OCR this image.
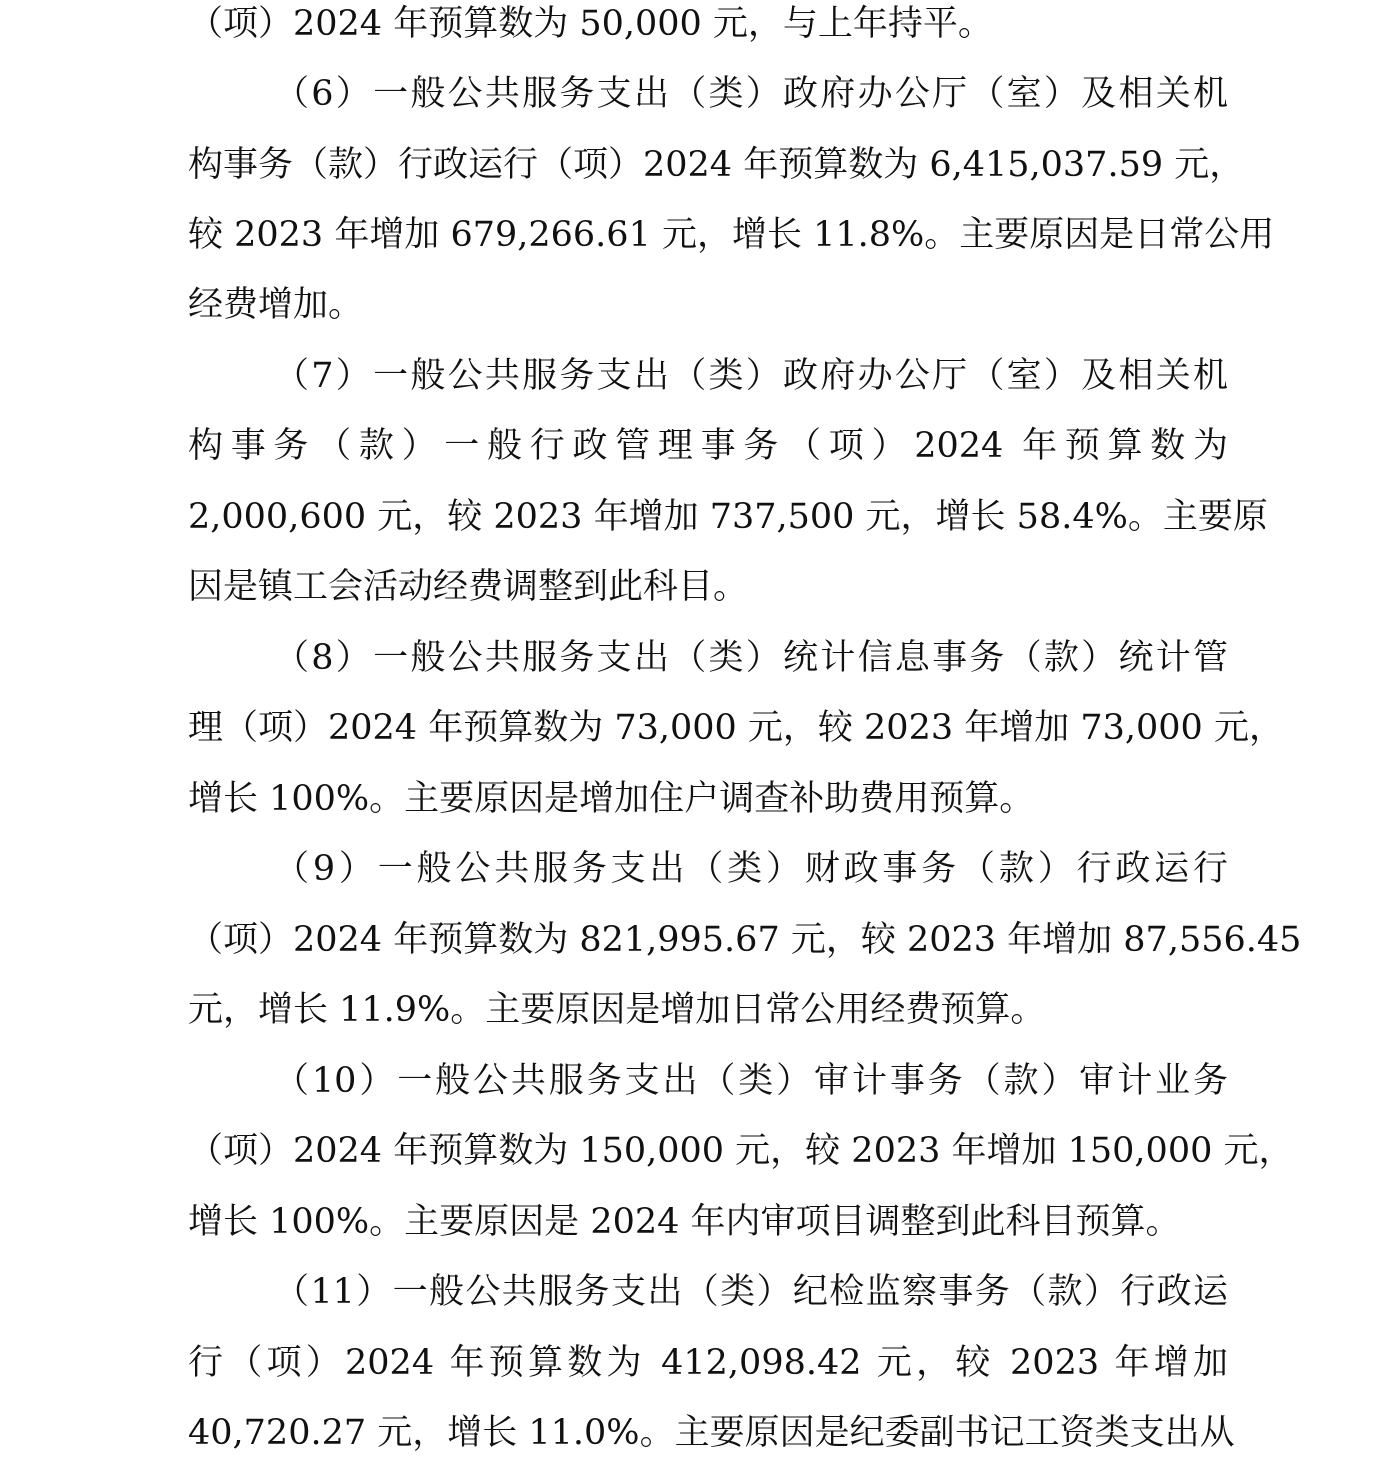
（项）2024 年预算数为 50,000 元，与上年持平。
（6）一般公共服务支出（类）政府办公厅（室）及相关机
构事务（款）行政运行（项）2024 年预算数为 6,415,037.59 元，
较 2023 年增加 679,266.61 元，增长 11.8%。主要原因是日常公用
经费增加。
（7）一般公共服务支出（类）政府办公厅（室）及相关机
构事务（款）一般行政管理事务（项）2024 年预算数为
2,000,600 元，较 2023 年增加 737,500 元，增长 58.4%。主要原
因是镇工会活动经费调整到此科目。
（8）一般公共服务支出（类）统计信息事务（款）统计管
理（项）2024 年预算数为 73,000 元，较 2023 年增加 73,000 元，
增长 100%。主要原因是增加住户调查补助费用预算。
（9）一般公共服务支出（类）财政事务（款）行政运行
（项）2024 年预算数为 821,995.67 元，较 2023 年增加 87,556.45
元，增长 11.9%。主要原因是增加日常公用经费预算。
（10）一般公共服务支出（类）审计事务（款）审计业务
（项）2024 年预算数为 150,000 元，较 2023 年增加 150,000 元，
增长 100%。主要原因是 2024 年内审项目调整到此科目预算。
（11）一般公共服务支出（类）纪检监察事务（款）行政运
行（项）2024 年预算数为 412,098.42 元，较 2023 年增加
40,720.27 元，增长 11.0%。主要原因是纪委副书记工资类支出从
